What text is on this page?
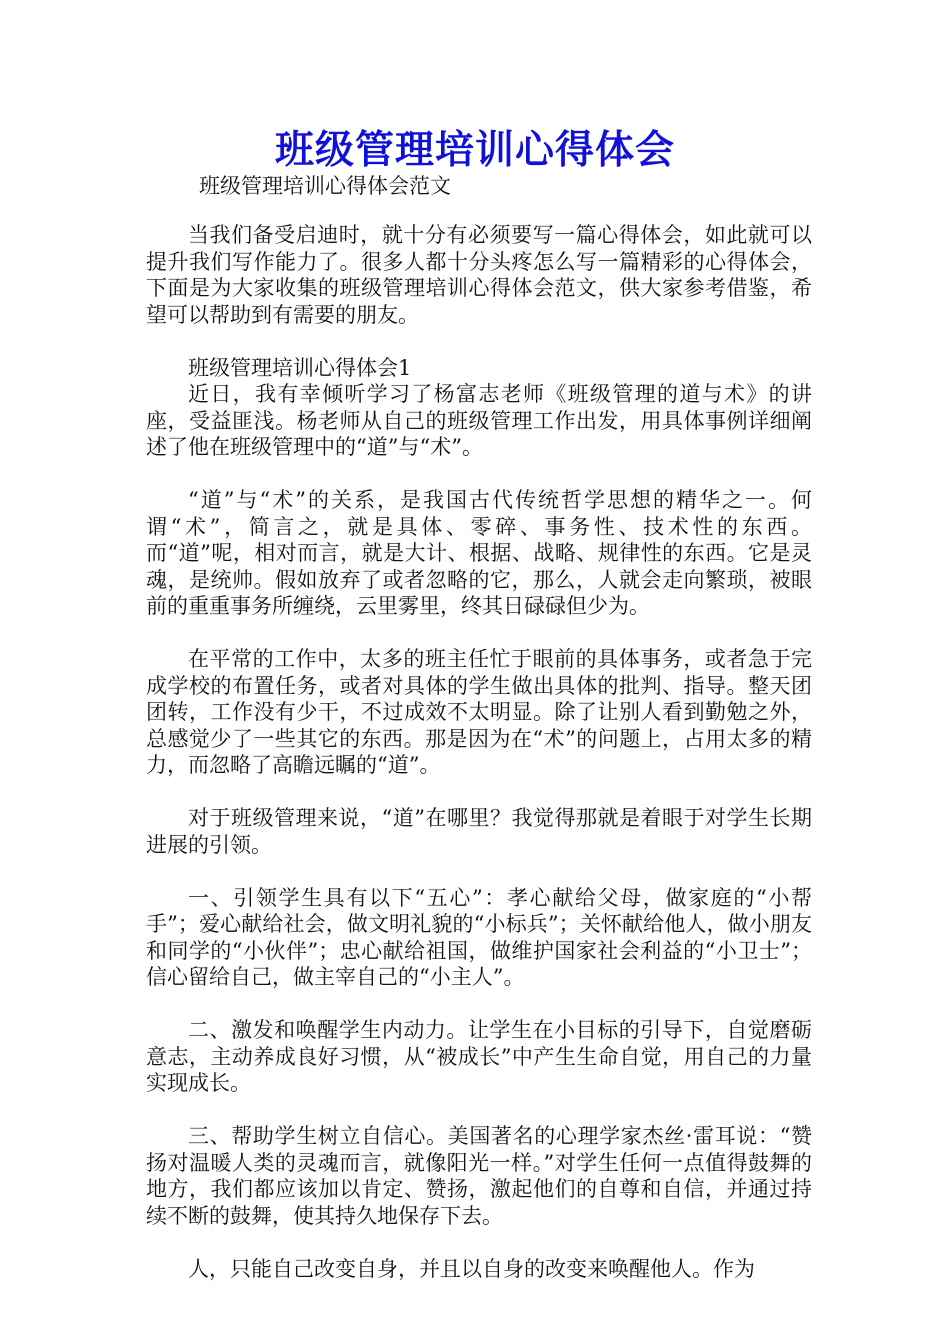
班级管理培训心得体会
班级管理培训心得体会范文

当我们备受启迪时，就十分有必须要写一篇心得体会，如此就可以提升我们写作能力了。很多人都十分头疼怎么写一篇精彩的心得体会，下面是为大家收集的班级管理培训心得体会范文，供大家参考借鉴，希望可以帮助到有需要的朋友。

班级管理培训心得体会1

近日，我有幸倾听学习了杨富志老师《班级管理的道与术》的讲座，受益匪浅。杨老师从自己的班级管理工作出发，用具体事例详细阐述了他在班级管理中的“道”与“术”。

“道”与“术”的关系，是我国古代传统哲学思想的精华之一。何谓“术”，简言之，就是具体、零碎、事务性、技术性的东西。而“道”呢，相对而言，就是大计、根据、战略、规律性的东西。它是灵魂，是统帅。假如放弃了或者忽略的它，那么，人就会走向繁琐，被眼前的重重事务所缠绕，云里雾里，终其日碌碌但少为。

在平常的工作中，太多的班主任忙于眼前的具体事务，或者急于完成学校的布置任务，或者对具体的学生做出具体的批判、指导。整天团团转，工作没有少干，不过成效不太明显。除了让别人看到勤勉之外，总感觉少了一些其它的东西。那是因为在“术”的问题上，占用太多的精力，而忽略了高瞻远瞩的“道”。

对于班级管理来说，“道”在哪里？我觉得那就是着眼于对学生长期进展的引领。

一、引领学生具有以下“五心”：孝心献给父母，做家庭的“小帮手”；爱心献给社会，做文明礼貌的“小标兵”；关怀献给他人，做小朋友和同学的“小伙伴”；忠心献给祖国，做维护国家社会利益的“小卫士”；信心留给自己，做主宰自己的“小主人”。

二、激发和唤醒学生内动力。让学生在小目标的引导下，自觉磨砺意志，主动养成良好习惯，从“被成长”中产生生命自觉，用自己的力量实现成长。

三、帮助学生树立自信心。美国著名的心理学家杰丝·雷耳说：“赞扬对温暖人类的灵魂而言，就像阳光一样。”对学生任何一点值得鼓舞的地方，我们都应该加以肯定、赞扬，激起他们的自尊和自信，并通过持续不断的鼓舞，使其持久地保存下去。

人，只能自己改变自身，并且以自身的改变来唤醒他人。作为
